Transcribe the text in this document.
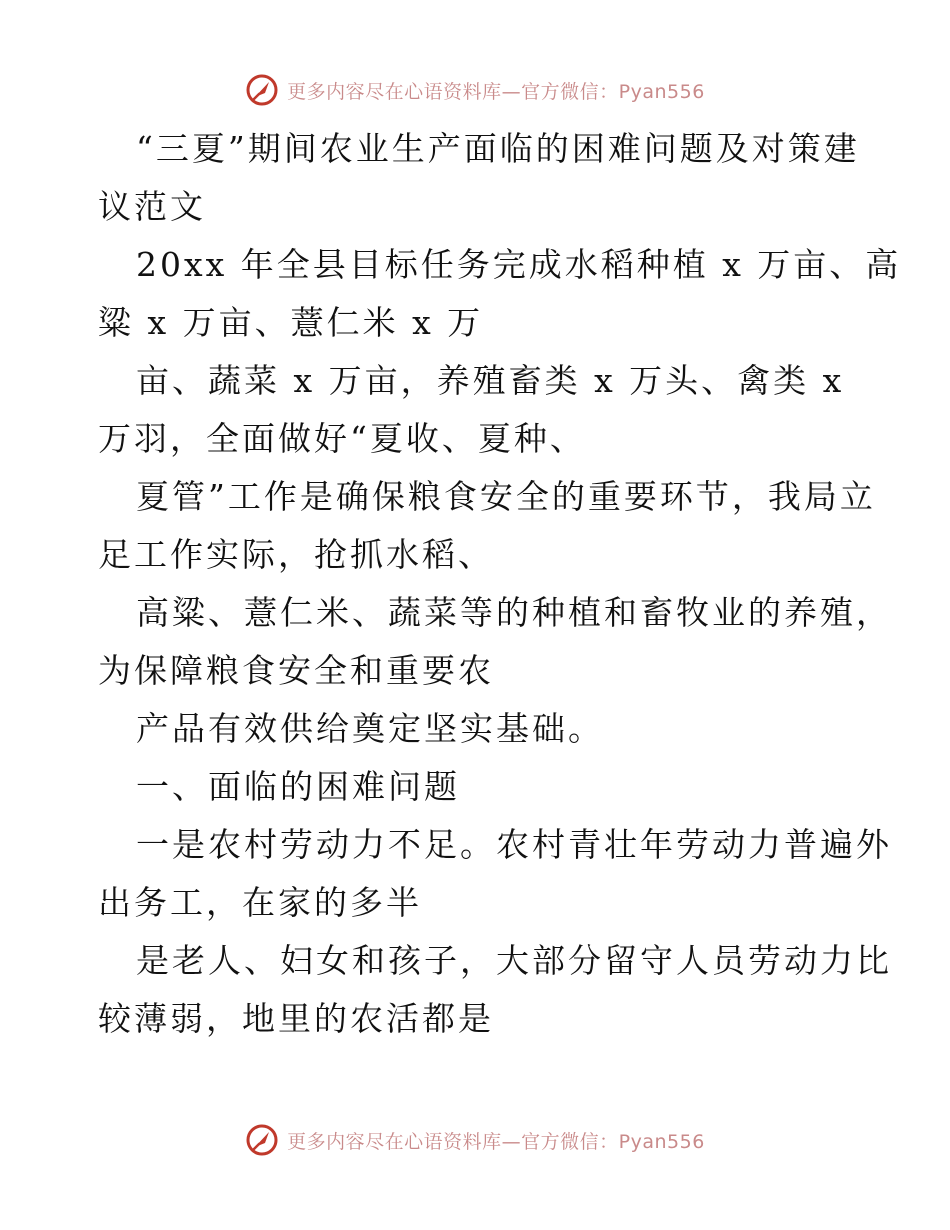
更多内容尽在心语资料库—官方微信：Pyan556
“三夏”期间农业生产面临的困难问题及对策建
议范文
20xx 年全县目标任务完成水稻种植 x 万亩、高
粱 x 万亩、薏仁米 x 万
亩、蔬菜 x 万亩，养殖畜类 x 万头、禽类 x
万羽，全面做好“夏收、夏种、
夏管”工作是确保粮食安全的重要环节，我局立
足工作实际，抢抓水稻、
高粱、薏仁米、蔬菜等的种植和畜牧业的养殖，
为保障粮食安全和重要农
产品有效供给奠定坚实基础。
一、面临的困难问题
一是农村劳动力不足。农村青壮年劳动力普遍外
出务工，在家的多半
是老人、妇女和孩子，大部分留守人员劳动力比
较薄弱，地里的农活都是
更多内容尽在心语资料库—官方微信：Pyan556
